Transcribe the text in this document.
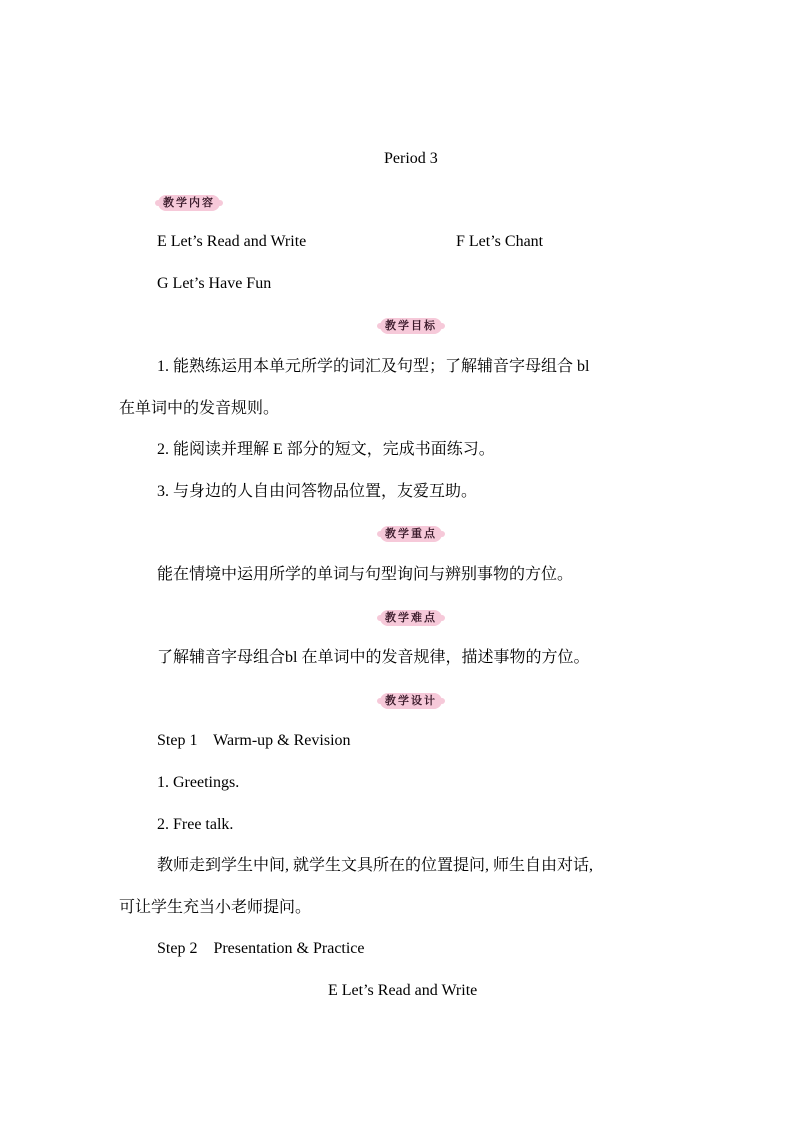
Period 3
教学内容
E Let’s Read and Write	F Let’s Chant
G Let’s Have Fun
教学目标
1. 能熟练运用本单元所学的词汇及句型；了解辅音字母组合 bl
在单词中的发音规则。
2. 能阅读并理解 E 部分的短文，完成书面练习。
3. 与身边的人自由问答物品位置，友爱互助。
教学重点
能在情境中运用所学的单词与句型询问与辨别事物的方位。
教学难点
了解辅音字母组合bl 在单词中的发音规律，描述事物的方位。
教学设计
Step 1    Warm-up & Revision
1. Greetings.
2. Free talk.
教师走到学生中间, 就学生文具所在的位置提问, 师生自由对话,
可让学生充当小老师提问。
Step 2    Presentation & Practice
E Let’s Read and Write
